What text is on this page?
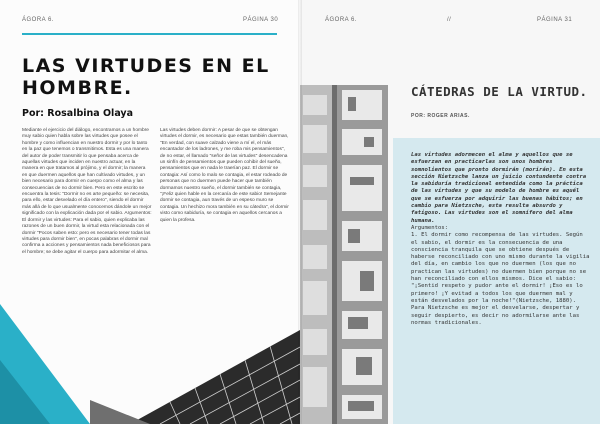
ÁGORA 6.	PÁGINA 30
LAS VIRTUDES EN EL HOMBRE.
Por: Rosalbina Olaya

Mediante el ejercicio del diálogo, encontramos a un hombre muy sabio quien habla sobre las virtudes que posee el hombre y como influencian en nuestro dormir y por lo tanto en la paz que tenemos o transmitimos. Esta es una manera del autor de poder transmitir lo que pensaba acerca de aquellas virtudes que inciden en nuestro actuar, en la manera en que tratamos al prójimo, y el dormir; la manera en que duermen aquellos que han cultivado virtudes, y un bien necesario para dormir en cuerpo como el alma y las consecuencias de no dormir bien. Pero en este escrito se encuentra la tesis: "Dormir no es arte pequeño: se necesita, para ello, estar desvelado el día entero", siendo el dormir más allá de lo que usualmente conocemos dándole un mejor significado con la explicación dada por el sabio. Argumentos: El dormir y las virtudes: Para el sabio, quien explicaba las razones de un buen dormir, la virtud esta relacionada con el dormir "Pocos saben esto: pero es necesario tener todas las virtudes para dormir bien", en pocas palabras el dormir mal confirma a acciones y pensamientos nada beneficiosos para el hombre; se debe agitar el cuerpo para adormitar el alma.

Las virtudes deben dormir: A pesar de que se obtengan virtudes el dormir, es necesario que estas también duerman, "En verdad, con suave calzado viene a mí el, el más encantador de los ladrones, y me roba mis pensamientos", de no estar, el llamado "señor de las virtudes" desencadena un sinfín de pensamientos que pueden cohibir del sueño, pensamientos que en nada le traerían paz. El dormir se contagia: Así como lo malo se contagia, el estar rodeado de personas que no duermen puede hacer que también dormamos nuestro sueño, el dormir también se contagia, "¡Feliz quien hable en la cercanía de este sabio! Semejante dormir se contagia, aun través de un espeso muro se contagia. Un hechizo mora también en su cátedra", el dormir visto como sabiduría, se contagia en aquellos cercanos a quien la profesa.

ÁGORA 6.	//	PÁGINA 31
CÁTEDRAS DE LA VIRTUD.
POR: ROGER ARIAS.

Las virtudes adormecen el alma y aquellos que se esfuerzan en practicarlas son unos hombres somnolientos que pronto dormirán (morirán). En esta sección Nietzsche lanza un juicio contundente contra la sabiduría tradicional entendida como la práctica de las virtudes y que su modelo de hombre es aquél que se esfuerza por adquirir las buenas hábitos; en cambio para Nietzsche, esta resulta absurdo y fatigoso. Las virtudes son el somnífero del alma humana.

Argumentos:

1. El dormir como recompensa de las virtudes. Según el sabio, el dormir es la consecuencia de una consciencia tranquila que se obtiene después de haberse reconciliado con uno mismo durante la vigilia del día, en cambio los que no duermen (los que no practican las virtudes) no duermen bien porque no se han reconciliado con ellos mismos. Dice el sabio: "¡Sentid respeto y pudor ante el dormir! ¡Eso es lo primero! ¡Y evitad a todos los que duermen mal y están desvelados por la noche!"(Nietzsche, 1880). Para Nietzsche es mejor el desvelarse, despertar y seguir despierto, es decir no adormilarse ante las normas tradicionales.
